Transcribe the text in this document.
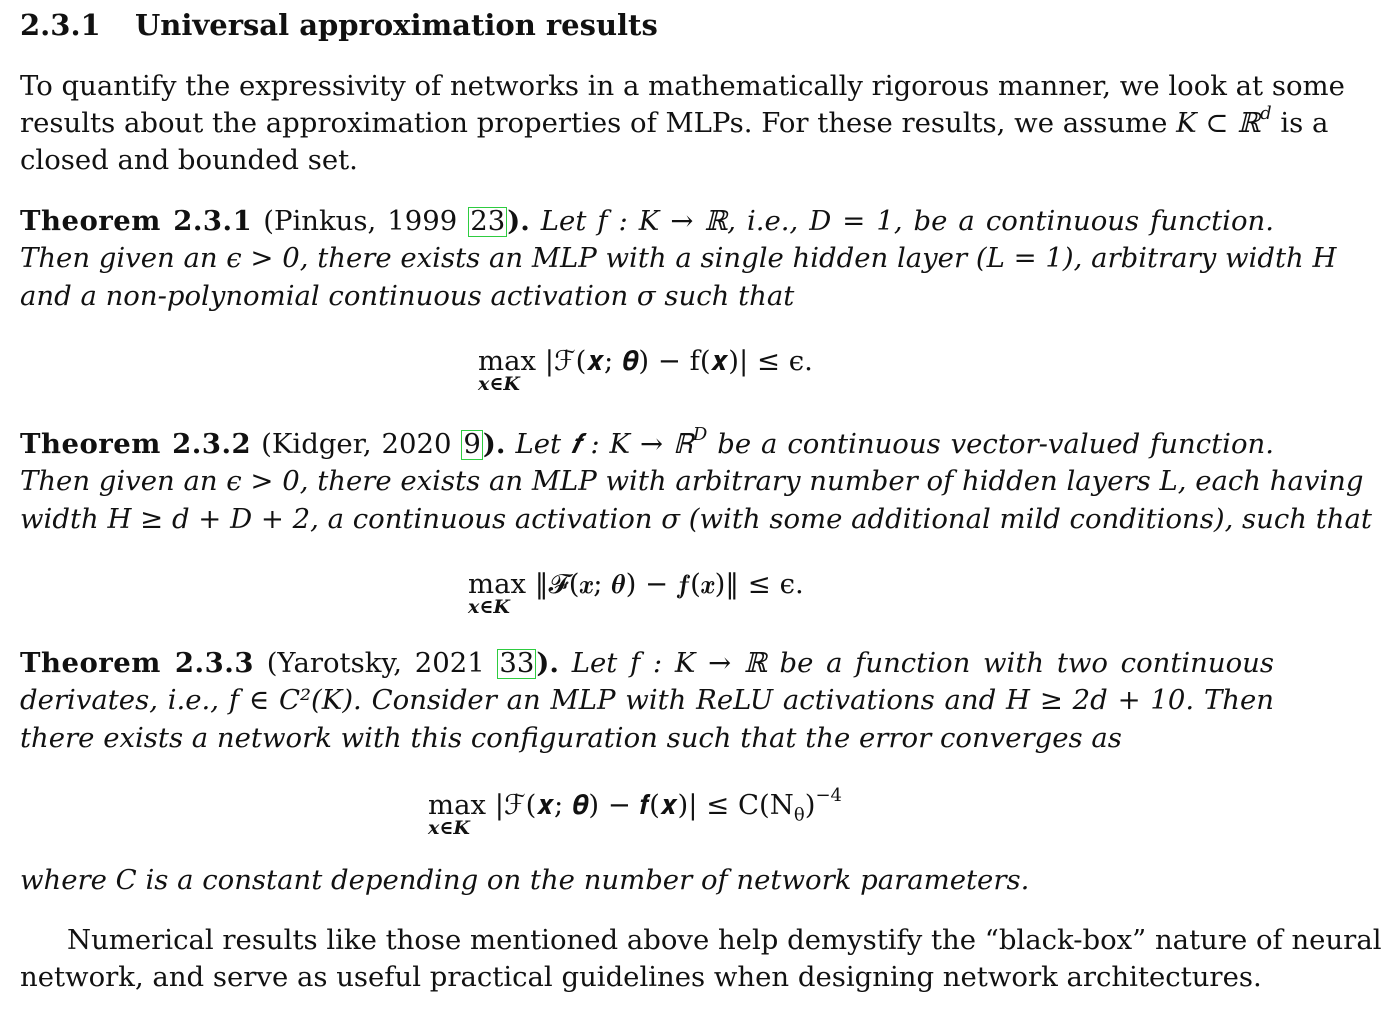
2.3.1 Universal approximation results
To quantify the expressivity of networks in a mathematically rigorous manner, we look at some
results about the approximation properties of MLPs. For these results, we assume K ⊂ ℝ$^d$ is a
closed and bounded set.
Theorem 2.3.1 (Pinkus, 1999 23). Let f : K → ℝ, i.e., D = 1, be a continuous function.
Then given an ϵ > 0, there exists an MLP with a single hidden layer (L = 1), arbitrary width H
and a non-polynomial continuous activation σ such that
max
x∈K
|ℱ(𝒙; 𝜽) − f(𝒙)| ≤ ϵ.
Theorem 2.3.2 (Kidger, 2020 9). Let 𝒇 : K → ℝ$^D$ be a continuous vector-valued function.
Then given an ϵ > 0, there exists an MLP with arbitrary number of hidden layers L, each having
width H ≥ d + D + 2, a continuous activation σ (with some additional mild conditions), such that
max
x∈K
‖𝓕(𝒙; 𝜽) − 𝒇(𝒙)‖ ≤ ϵ.
Theorem 2.3.3 (Yarotsky, 2021 33). Let f : K → ℝ be a function with two continuous
derivates, i.e., f ∈ C²(K). Consider an MLP with ReLU activations and H ≥ 2d + 10. Then
there exists a network with this configuration such that the error converges as
max
x∈K
|ℱ(𝒙; 𝜽) − 𝒇(𝒙)| ≤ $C(N_\theta)^{-4}$
where C is a constant depending on the number of network parameters.
Numerical results like those mentioned above help demystify the “black-box” nature of neural
network, and serve as useful practical guidelines when designing network architectures.
